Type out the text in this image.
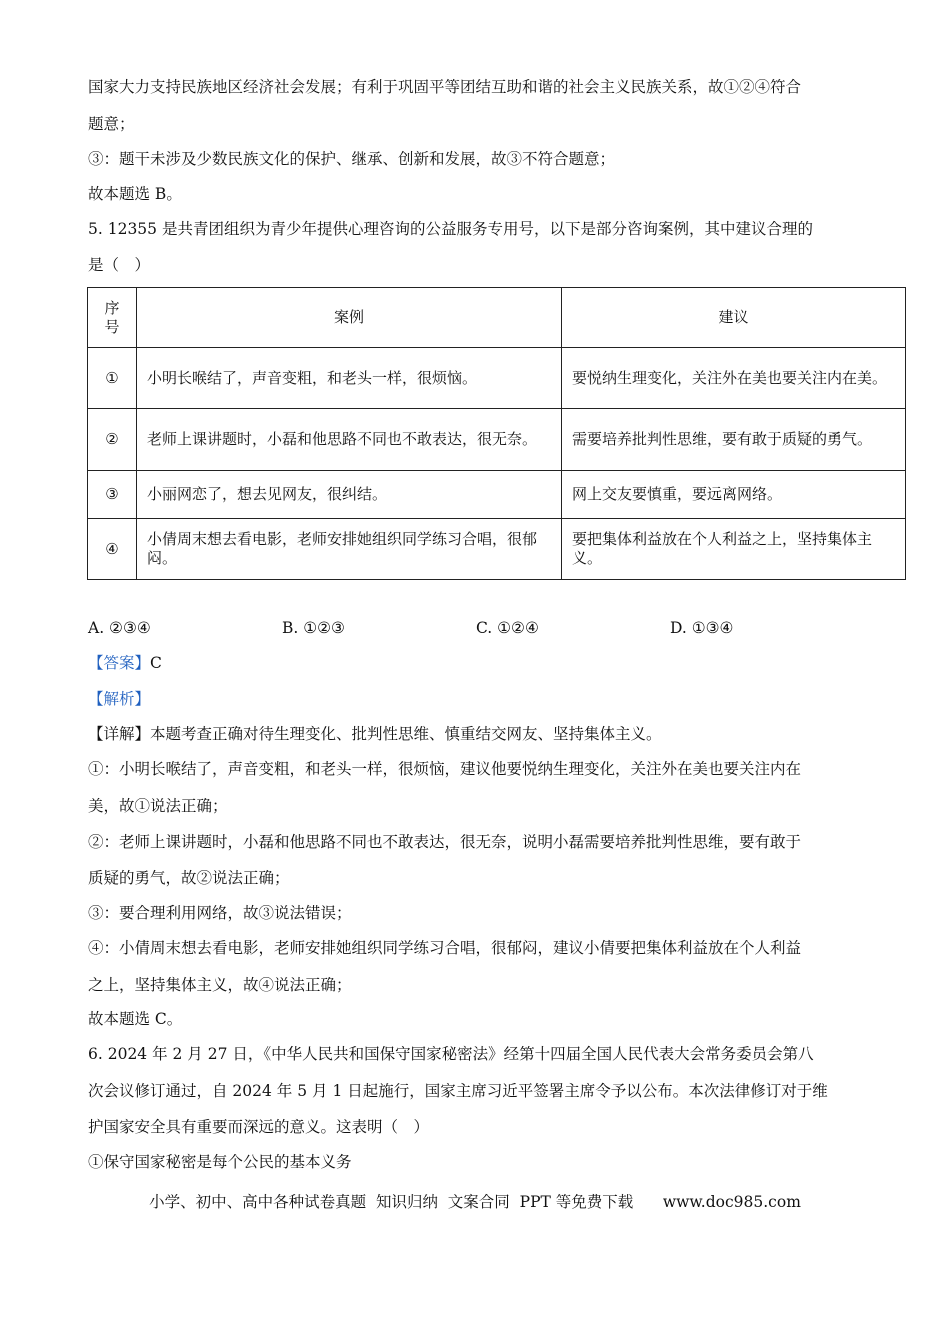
国家大力支持民族地区经济社会发展；有利于巩固平等团结互助和谐的社会主义民族关系，故①②④符合
题意；
③：题干未涉及少数民族文化的保护、继承、创新和发展，故③不符合题意；
故本题选 B。
5. 12355 是共青团组织为青少年提供心理咨询的公益服务专用号，以下是部分咨询案例，其中建议合理的
是（　）
序
号	案例	建议
①	小明长喉结了，声音变粗，和老头一样，很烦恼。	要悦纳生理变化，关注外在美也要关注内在美。
②	老师上课讲题时，小磊和他思路不同也不敢表达，很无奈。	需要培养批判性思维，要有敢于质疑的勇气。
③	小丽网恋了，想去见网友，很纠结。	网上交友要慎重，要远离网络。
④	小倩周末想去看电影，老师安排她组织同学练习合唱，很郁闷。	要把集体利益放在个人利益之上，坚持集体主义。
A. ②③④	B. ①②③	C. ①②④	D. ①③④
【答案】C
【解析】
【详解】本题考查正确对待生理变化、批判性思维、慎重结交网友、坚持集体主义。
①：小明长喉结了，声音变粗，和老头一样，很烦恼，建议他要悦纳生理变化，关注外在美也要关注内在
美，故①说法正确；
②：老师上课讲题时，小磊和他思路不同也不敢表达，很无奈，说明小磊需要培养批判性思维，要有敢于
质疑的勇气，故②说法正确；
③：要合理利用网络，故③说法错误；
④：小倩周末想去看电影，老师安排她组织同学练习合唱，很郁闷，建议小倩要把集体利益放在个人利益
之上，坚持集体主义，故④说法正确；
故本题选 C。
6. 2024 年 2 月 27 日，《中华人民共和国保守国家秘密法》经第十四届全国人民代表大会常务委员会第八
次会议修订通过，自 2024 年 5 月 1 日起施行，国家主席习近平签署主席令予以公布。本次法律修订对于维
护国家安全具有重要而深远的意义。这表明（　）
①保守国家秘密是每个公民的基本义务
小学、初中、高中各种试卷真题  知识归纳  文案合同  PPT 等免费下载      www.doc985.com
